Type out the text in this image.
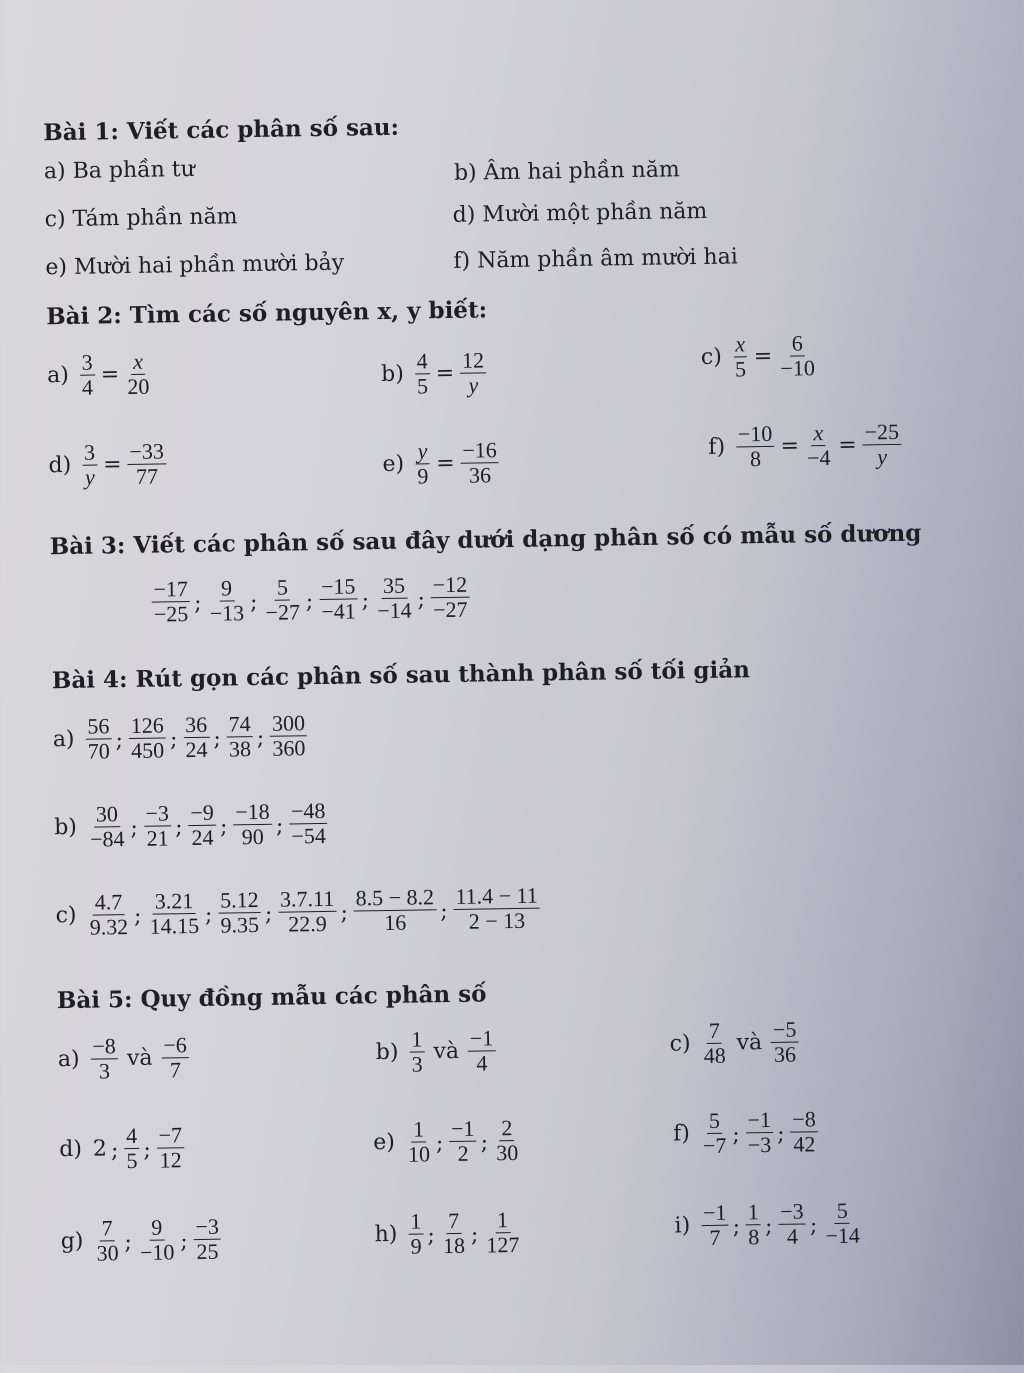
Bài 1: Viết các phân số sau:
a) Ba phần tư	b) Âm hai phần năm
c) Tám phần năm	d) Mười một phần năm
e) Mười hai phần mười bảy	f) Năm phần âm mười hai
Bài 2: Tìm các số nguyên x, y biết:
$a) \frac{3}{4} = \frac{x}{20}$	$b) \frac{4}{5} = \frac{12}{y}$	$c) \frac{x}{5} = \frac{6}{-10}$
$d) \frac{3}{y} = \frac{-33}{77}$	$e) \frac{y}{9} = \frac{-16}{36}$	$f) \frac{-10}{8} = \frac{x}{-4} = \frac{-25}{y}$
Bài 3: Viết các phân số sau đây dưới dạng phân số có mẫu số dương
$\frac{-17}{-25}$ ; $\frac{9}{-13}$ ; $\frac{5}{-27}$ ; $\frac{-15}{-41}$ ; $\frac{35}{-14}$ ; $\frac{-12}{-27}$
Bài 4: Rút gọn các phân số sau thành phân số tối giản
$a) \frac{56}{70}$ ; $\frac{126}{450}$ ; $\frac{36}{24}$ ; $\frac{74}{38}$ ; $\frac{300}{360}$
$b) \frac{30}{-84}$ ; $\frac{-3}{21}$ ; $\frac{-9}{24}$ ; $\frac{-18}{90}$ ; $\frac{-48}{-54}$
$c) \frac{4.7}{9.32}$ ; $\frac{3.21}{14.15}$ ; $\frac{5.12}{9.35}$ ; $\frac{3.7.11}{22.9}$ ; $\frac{8.5 - 8.2}{16}$ ; $\frac{11.4 - 11}{2 - 13}$
Bài 5: Quy đồng mẫu các phân số
$a) \frac{-8}{3}$ và $\frac{-6}{7}$	$b) \frac{1}{3}$ và $\frac{-1}{4}$	$c) \frac{7}{48}$ và $\frac{-5}{36}$
d) 2 ; $\frac{4}{5}$ ; $\frac{-7}{12}$	$e) \frac{1}{10}$ ; $\frac{-1}{2}$ ; $\frac{2}{30}$	$f) \frac{5}{-7}$ ; $\frac{-1}{-3}$ ; $\frac{-8}{42}$
$g) \frac{7}{30}$ ; $\frac{9}{-10}$ ; $\frac{-3}{25}$	$h) \frac{1}{9}$ ; $\frac{7}{18}$ ; $\frac{1}{127}$	$i) \frac{-1}{7}$ ; $\frac{1}{8}$ ; $\frac{-3}{4}$ ; $\frac{5}{-14}$
